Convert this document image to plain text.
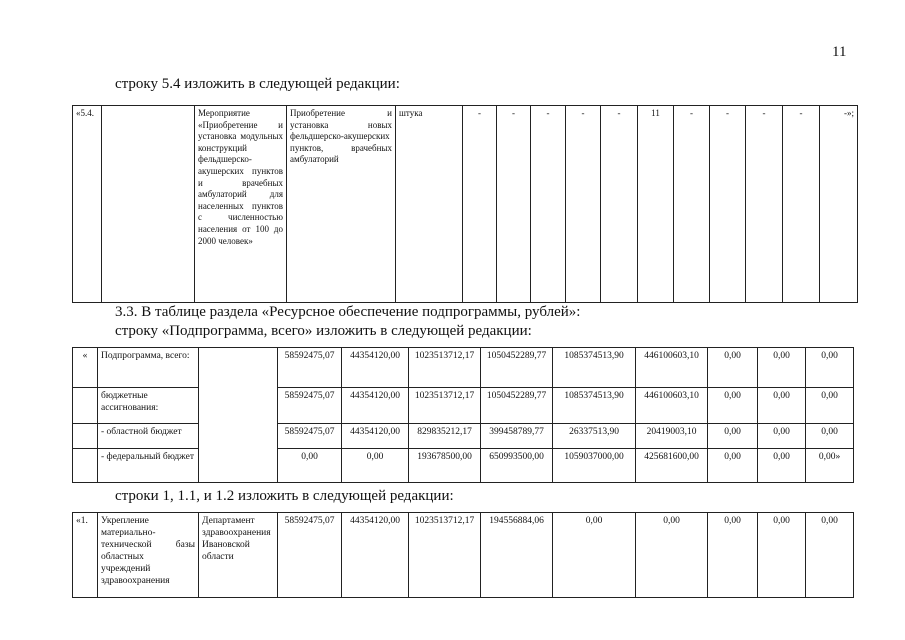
11
строку 5.4 изложить в следующей редакции:
«5.4.		Мероприятие «Приобретение и установка модульных конструкций фельдшерско-акушерских пунктов и врачебных амбулаторий для населенных пунктов с численностью населения от 100 до 2000 человек»	Приобретение и установка новых фельдшерско-акушерских пунктов, врачебных амбулаторий	штука	-	-	-	-	-	11	-	-	-	-	-»;
3.3. В таблице раздела «Ресурсное обеспечение подпрограммы, рублей»:
строку «Подпрограмма, всего» изложить в следующей редакции:
«	Подпрограмма, всего:		58592475,07	44354120,00	1023513712,17	1050452289,77	1085374513,90	446100603,10	0,00	0,00	0,00
	бюджетные ассигнования:		58592475,07	44354120,00	1023513712,17	1050452289,77	1085374513,90	446100603,10	0,00	0,00	0,00
	- областной бюджет		58592475,07	44354120,00	829835212,17	399458789,77	26337513,90	20419003,10	0,00	0,00	0,00
	- федеральный бюджет		0,00	0,00	193678500,00	650993500,00	1059037000,00	425681600,00	0,00	0,00	0,00»
строки 1, 1.1, и 1.2 изложить в следующей редакции:
«1.	Укрепление материально-технической базы областных учреждений здравоохранения	Департамент здравоохранения Ивановской области	58592475,07	44354120,00	1023513712,17	194556884,06	0,00	0,00	0,00	0,00	0,00
